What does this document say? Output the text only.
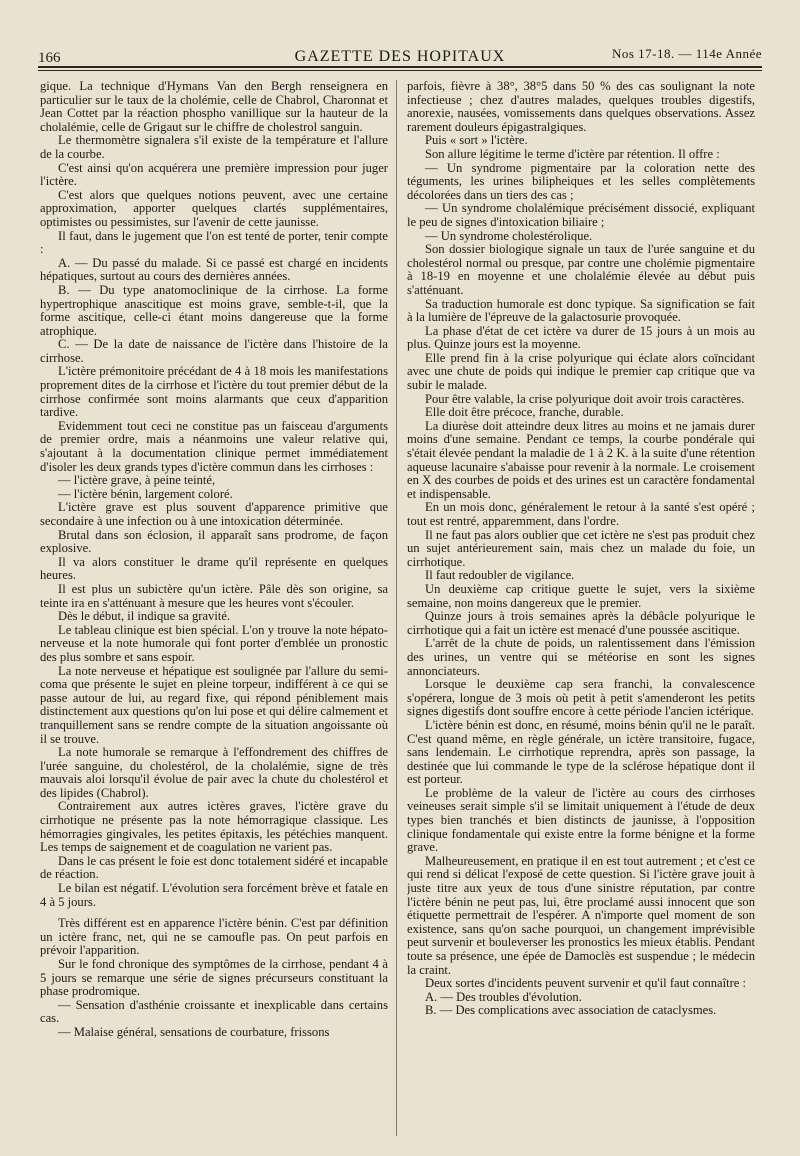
166	GAZETTE DES HOPITAUX	Nos 17-18. — 114e Année

gique. La technique d'Hymans Van den Bergh renseignera en particulier sur le taux de la cholémie, celle de Chabrol, Charonnat et Jean Cottet par la réaction phospho vanillique sur la hauteur de la cholalémie, celle de Grigaut sur le chiffre de cholestrol sanguin.

Le thermomètre signalera s'il existe de la température et l'allure de la courbe.

C'est ainsi qu'on acquérera une première impression pour juger l'ictère.

C'est alors que quelques notions peuvent, avec une certaine approximation, apporter quelques clartés supplémentaires, optimistes ou pessimistes, sur l'avenir de cette jaunisse.

Il faut, dans le jugement que l'on est tenté de porter, tenir compte :

A. — Du passé du malade. Si ce passé est chargé en incidents hépatiques, surtout au cours des dernières années.

B. — Du type anatomoclinique de la cirrhose. La forme hypertrophique anascitique est moins grave, semble-t-il, que la forme ascitique, celle-ci étant moins dangereuse que la forme atrophique.

C. — De la date de naissance de l'ictère dans l'histoire de la cirrhose.

L'ictère prémonitoire précédant de 4 à 18 mois les manifestations proprement dites de la cirrhose et l'ictère du tout premier début de la cirrhose confirmée sont moins alarmants que ceux d'apparition tardive.

Evidemment tout ceci ne constitue pas un faisceau d'arguments de premier ordre, mais a néanmoins une valeur relative qui, s'ajoutant à la documentation clinique permet immédiatement d'isoler les deux grands types d'ictère commun dans les cirrhoses :

— l'ictère grave, à peine teinté,

— l'ictère bénin, largement coloré.

L'ictère grave est plus souvent d'apparence primitive que secondaire à une infection ou à une intoxication déterminée.

Brutal dans son éclosion, il apparaît sans prodrome, de façon explosive.

Il va alors constituer le drame qu'il représente en quelques heures.

Il est plus un subictère qu'un ictère. Pâle dès son origine, sa teinte ira en s'atténuant à mesure que les heures vont s'écouler.

Dès le début, il indique sa gravité.

Le tableau clinique est bien spécial. L'on y trouve la note hépato-nerveuse et la note humorale qui font porter d'emblée un pronostic des plus sombre et sans espoir.

La note nerveuse et hépatique est soulignée par l'allure du semi-coma que présente le sujet en pleine torpeur, indifférent à ce qui se passe autour de lui, au regard fixe, qui répond péniblement mais distinctement aux questions qu'on lui pose et qui délire calmement et tranquillement sans se rendre compte de la situation angoissante où il se trouve.

La note humorale se remarque à l'effondrement des chiffres de l'urée sanguine, du cholestérol, de la cholalémie, signe de très mauvais aloi lorsqu'il évolue de pair avec la chute du cholestérol et des lipides (Chabrol).

Contrairement aux autres ictères graves, l'ictère grave du cirrhotique ne présente pas la note hémorragique classique. Les hémorragies gingivales, les petites épitaxis, les pétéchies manquent. Les temps de saignement et de coagulation ne varient pas.

Dans le cas présent le foie est donc totalement sidéré et incapable de réaction.

Le bilan est négatif. L'évolution sera forcément brève et fatale en 4 à 5 jours.

Très différent est en apparence l'ictère bénin. C'est par définition un ictère franc, net, qui ne se camoufle pas. On peut parfois en prévoir l'apparition.

Sur le fond chronique des symptômes de la cirrhose, pendant 4 à 5 jours se remarque une série de signes précurseurs constituant la phase prodromique.

— Sensation d'asthénie croissante et inexplicable dans certains cas.

— Malaise général, sensations de courbature, frissons

parfois, fièvre à 38°, 38°5 dans 50 % des cas soulignant la note infectieuse ; chez d'autres malades, quelques troubles digestifs, anorexie, nausées, vomissements dans quelques observations. Assez rarement douleurs épigastralgiques.

Puis « sort » l'ictère.

Son allure légitime le terme d'ictère par rétention. Il offre :

— Un syndrome pigmentaire par la coloration nette des téguments, les urines bilipheiques et les selles complètements décolorées dans un tiers des cas ;

— Un syndrome cholalémique précisément dissocié, expliquant le peu de signes d'intoxication biliaire ;

— Un syndrome cholestérolique.

Son dossier biologique signale un taux de l'urée sanguine et du cholestérol normal ou presque, par contre une cholémie pigmentaire à 18-19 en moyenne et une cholalémie élevée au début puis s'atténuant.

Sa traduction humorale est donc typique. Sa signification se fait à la lumière de l'épreuve de la galactosurie provoquée.

La phase d'état de cet ictère va durer de 15 jours à un mois au plus. Quinze jours est la moyenne.

Elle prend fin à la crise polyurique qui éclate alors coïncidant avec une chute de poids qui indique le premier cap critique que va subir le malade.

Pour être valable, la crise polyurique doit avoir trois caractères.

Elle doit être précoce, franche, durable.

La diurèse doit atteindre deux litres au moins et ne jamais durer moins d'une semaine. Pendant ce temps, la courbe pondérale qui s'était élevée pendant la maladie de 1 à 2 K. à la suite d'une rétention aqueuse lacunaire s'abaisse pour revenir à la normale. Le croisement en X des courbes de poids et des urines est un caractère fondamental et indispensable.

En un mois donc, généralement le retour à la santé s'est opéré ; tout est rentré, apparemment, dans l'ordre.

Il ne faut pas alors oublier que cet ictère ne s'est pas produit chez un sujet antérieurement sain, mais chez un malade du foie, un cirrhotique.

Il faut redoubler de vigilance.

Un deuxième cap critique guette le sujet, vers la sixième semaine, non moins dangereux que le premier.

Quinze jours à trois semaines après la débâcle polyurique le cirrhotique qui a fait un ictère est menacé d'une poussée ascitique.

L'arrêt de la chute de poids, un ralentissement dans l'émission des urines, un ventre qui se météorise en sont les signes annonciateurs.

Lorsque le deuxième cap sera franchi, la convalescence s'opérera, longue de 3 mois où petit à petit s'amenderont les petits signes digestifs dont souffre encore à cette période l'ancien ictérique.

L'ictère bénin est donc, en résumé, moins bénin qu'il ne le paraît. C'est quand même, en règle générale, un ictère transitoire, fugace, sans lendemain. Le cirrhotique reprendra, après son passage, la destinée que lui commande le type de la sclérose hépatique dont il est porteur.

Le problème de la valeur de l'ictère au cours des cirrhoses veineuses serait simple s'il se limitait uniquement à l'étude de deux types bien tranchés et bien distincts de jaunisse, à l'opposition clinique fondamentale qui existe entre la forme bénigne et la forme grave.

Malheureusement, en pratique il en est tout autrement ; et c'est ce qui rend si délicat l'exposé de cette question. Si l'ictère grave jouit à juste titre aux yeux de tous d'une sinistre réputation, par contre l'ictère bénin ne peut pas, lui, être proclamé aussi innocent que son étiquette permettrait de l'espérer. A n'importe quel moment de son existence, sans qu'on sache pourquoi, un changement imprévisible peut survenir et bouleverser les pronostics les mieux établis. Pendant toute sa présence, une épée de Damoclès est suspendue ; le médecin la craint.

Deux sortes d'incidents peuvent survenir et qu'il faut connaître :

A. — Des troubles d'évolution.

B. — Des complications avec association de cataclysmes.
